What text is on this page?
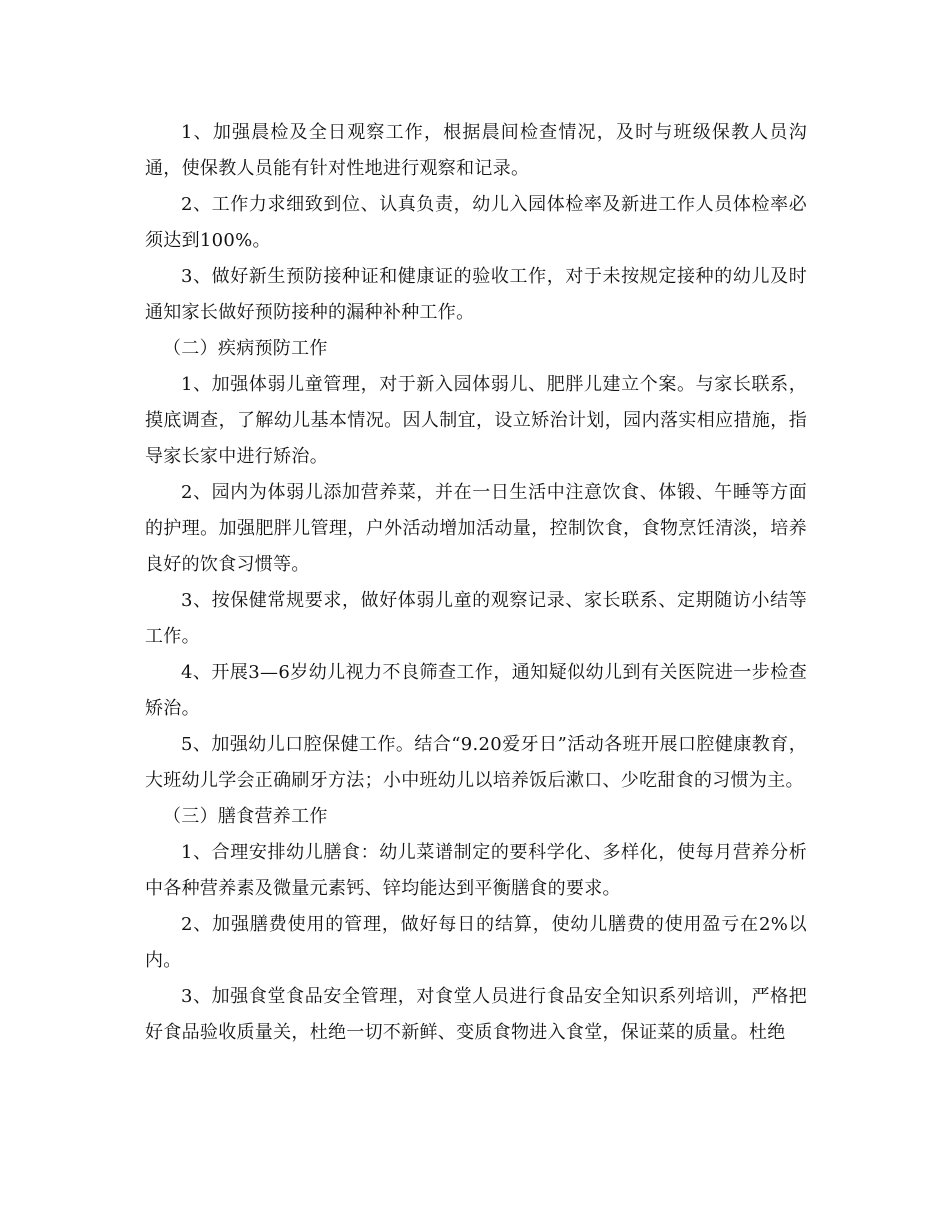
1、加强晨检及全日观察工作，根据晨间检查情况，及时与班级保教人员沟通，使保教人员能有针对性地进行观察和记录。

2、工作力求细致到位、认真负责，幼儿入园体检率及新进工作人员体检率必须达到100%。

3、做好新生预防接种证和健康证的验收工作，对于未按规定接种的幼儿及时通知家长做好预防接种的漏种补种工作。

（二）疾病预防工作

1、加强体弱儿童管理，对于新入园体弱儿、肥胖儿建立个案。与家长联系，摸底调查，了解幼儿基本情况。因人制宜，设立矫治计划，园内落实相应措施，指导家长家中进行矫治。

2、园内为体弱儿添加营养菜，并在一日生活中注意饮食、体锻、午睡等方面的护理。加强肥胖儿管理，户外活动增加活动量，控制饮食，食物烹饪清淡，培养良好的饮食习惯等。

3、按保健常规要求，做好体弱儿童的观察记录、家长联系、定期随访小结等工作。

4、开展3—6岁幼儿视力不良筛查工作，通知疑似幼儿到有关医院进一步检查矫治。

5、加强幼儿口腔保健工作。结合“9.20爱牙日”活动各班开展口腔健康教育，大班幼儿学会正确刷牙方法；小中班幼儿以培养饭后漱口、少吃甜食的习惯为主。

（三）膳食营养工作

1、合理安排幼儿膳食：幼儿菜谱制定的要科学化、多样化，使每月营养分析中各种营养素及微量元素钙、锌均能达到平衡膳食的要求。

2、加强膳费使用的管理，做好每日的结算，使幼儿膳费的使用盈亏在2%以内。

3、加强食堂食品安全管理，对食堂人员进行食品安全知识系列培训，严格把好食品验收质量关，杜绝一切不新鲜、变质食物进入食堂，保证菜的质量。杜绝
